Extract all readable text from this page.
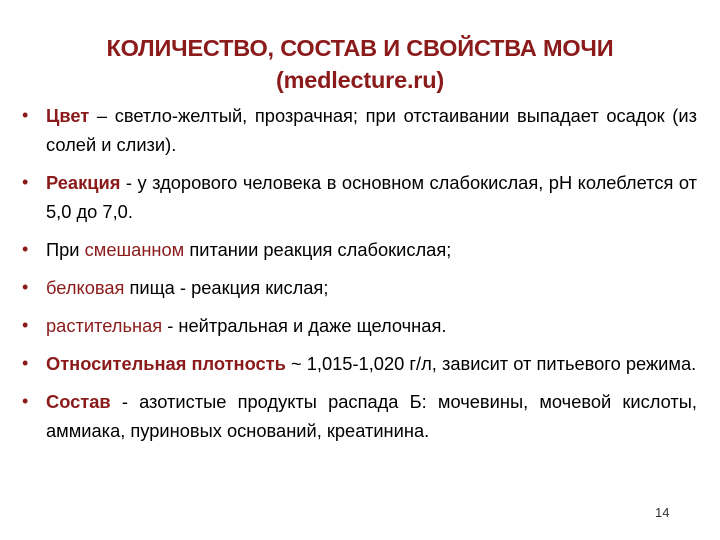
КОЛИЧЕСТВО, СОСТАВ И СВОЙСТВА МОЧИ
(medlecture.ru)
• Цвет – светло-желтый, прозрачная; при отстаивании выпадает осадок (из солей и слизи).
• Реакция - у здорового человека в основном слабокислая, pH колеблется от 5,0 до 7,0.
• При смешанном питании реакция слабокислая;
• белковая пища - реакция кислая;
• растительная - нейтральная и даже щелочная.
• Относительная плотность ~ 1,015-1,020 г/л, зависит от питьевого режима.
• Состав - азотистые продукты распада Б: мочевины, мочевой кислоты, аммиака, пуриновых оснований, креатинина.
14
